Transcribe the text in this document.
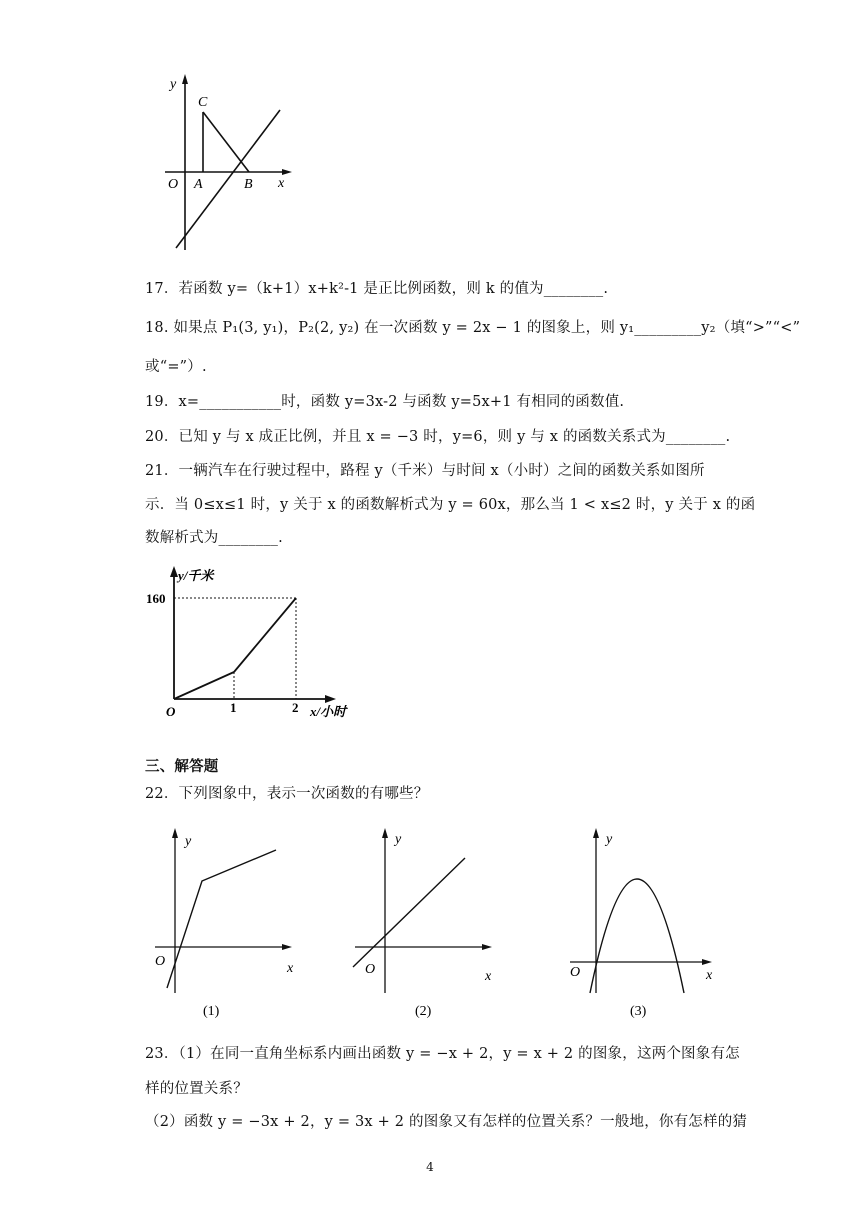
y
C
O A	B x
17．若函数 y=（k+1）x+k²-1 是正比例函数，则 k 的值为________.
18. 如果点 P₁(3, y₁)，P₂(2, y₂) 在一次函数 y = 2x − 1 的图象上，则 y₁_________y₂（填“>”“<”
或“=”）.
19．x=___________时，函数 y=3x-2 与函数 y=5x+1 有相同的函数值.
20．已知 y 与 x 成正比例，并且 x = −3 时，y=6，则 y 与 x 的函数关系式为________.
21．一辆汽车在行驶过程中，路程 y（千米）与时间 x（小时）之间的函数关系如图所
示．当 0≤x≤1 时，y 关于 x 的函数解析式为 y = 60x，那么当 1 < x≤2 时，y 关于 x 的函
数解析式为________.
y/千米
160
O	1	2 x/小时
三、解答题
22．下列图象中，表示一次函数的有哪些？
y
O	x
(1)
y
O	x
(2)
y
O	x
(3)
23．（1）在同一直角坐标系内画出函数 y = −x + 2，y = x + 2 的图象，这两个图象有怎
样的位置关系？
（2）函数 y = −3x + 2，y = 3x + 2 的图象又有怎样的位置关系？一般地，你有怎样的猜
4
